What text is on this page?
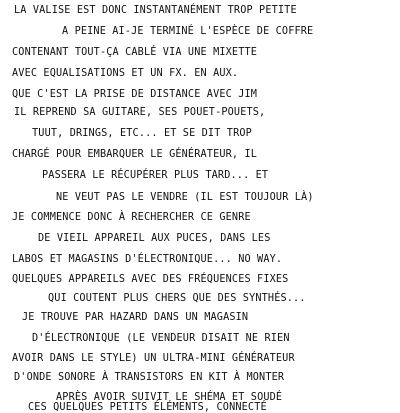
LA VALISE EST DONC INSTANTANÉMENT TROP PETITE
A PEINE AI-JE TERMINÉ L'ESPÈCE DE COFFRE
CONTENANT TOUT-ÇA CABLÉ VIA UNE MIXETTE
AVEC EQUALISATIONS ET UN FX. EN AUX.
QUE C'EST LA PRISE DE DISTANCE AVEC JIM
IL REPREND SA GUITARE, SES POUET-POUETS,
TUUT, DRINGS, ETC... ET SE DIT TROP
CHARGÉ POUR EMBARQUER LE GÉNÉRATEUR, IL
PASSERA LE RÉCUPÉRER PLUS TARD... ET
NE VEUT PAS LE VENDRE (IL EST TOUJOUR LÀ)
JE COMMENCE DONC À RECHERCHER CE GENRE
DE VIEIL APPAREIL AUX PUCES, DANS LES
LABOS ET MAGASINS D'ÉLECTRONIQUE... NO WAY.
QUELQUES APPAREILS AVEC DES FRÉQUENCES FIXES
QUI COUTENT PLUS CHERS QUE DES SYNTHÉS...
JE TROUVE PAR HAZARD DANS UN MAGASIN
D'ÉLECTRONIQUE (LE VENDEUR DISAIT NE RIEN
AVOIR DANS LE STYLE) UN ULTRA-MINI GÉNÉRATEUR
D'ONDE SONORE À TRANSISTORS EN KIT À MONTER
APRÈS AVOIR SUIVIT LE SHÉMA ET SOUDÉ
CES QUELQUES PETITS ÉLÉMENTS, CONNECTÉ
